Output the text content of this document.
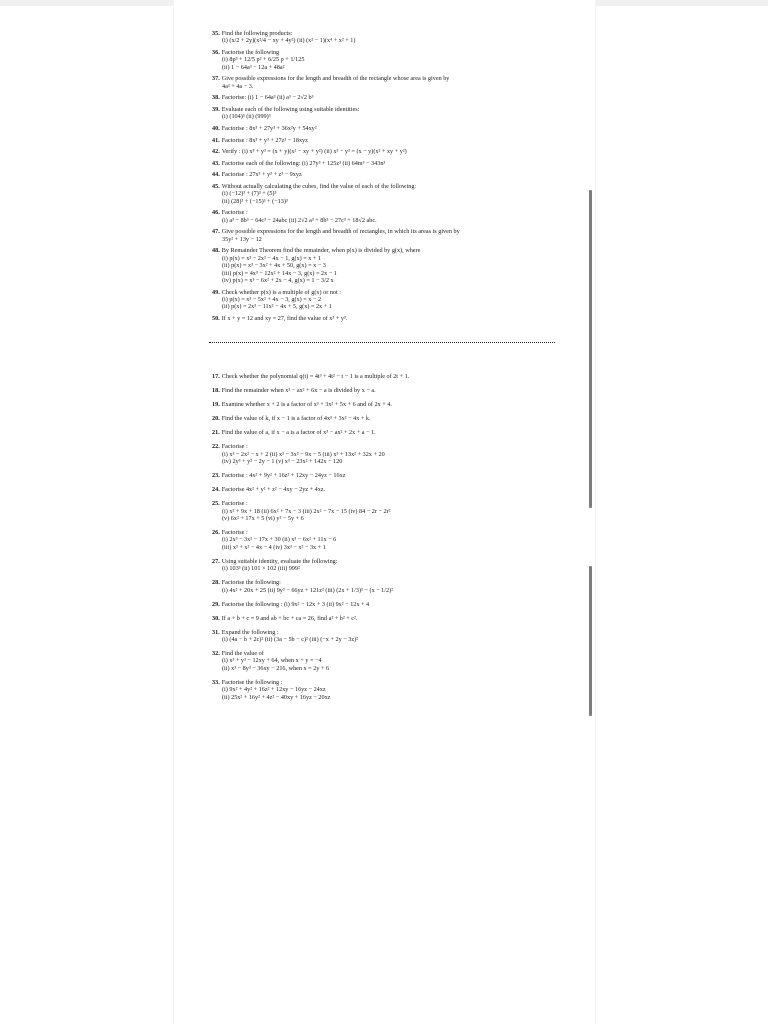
35. Find the following products:
(i) (x/2 + 2y)(x²/4 − xy + 4y²) (ii) (x² − 1)(x⁴ + x² + 1)
36. Factorise the following
(i) 8p³ + 12/5 p² + 6/25 p + 1/125
(ii) 1 − 64a³ − 12a + 48a²
37. Give possible expressions for the length and breadth of the rectangle whose area is given by
4a² + 4a − 3.
38. Factorise: (i) 1 − 64a³ (ii) a³ − 2√2 b³
39. Evaluate each of the following using suitable identities:
(i) (104)³ (ii) (999)³
40. Factorise : 8x³ + 27y³ + 36x²y + 54xy²
41. Factorise : 8x³ + y³ + 27z³ − 18xyz
42. Verify : (i) x³ + y³ = (x + y)(x² − xy + y²) (ii) x³ − y³ = (x − y)(x² + xy + y²)
43. Factorise each of the following: (i) 27y³ + 125z³ (ii) 64m³ − 343n³
44. Factorise : 27x³ + y³ + z³ − 9xyz
45. Without actually calculating the cubes, find the value of each of the following:
(i) (−12)³ + (7)³ + (5)³
(ii) (28)³ + (−15)³ + (−13)³
46. Factorise :
(i) a³ − 8b³ − 64c³ − 24abc (ii) 2√2 a³ + 8b³ − 27c³ + 18√2 abc.
47. Give possible expressions for the length and breadth of rectangles, in which its areas is given by
35y² + 13y − 12
48. By Remainder Theorem find the remainder, when p(x) is divided by g(x), where
(i) p(x) = x³ − 2x² − 4x − 1, g(x) = x + 1
(ii) p(x) = x³ − 3x² + 4x + 50, g(x) = x − 3
(iii) p(x) = 4x³ − 12x² + 14x − 3, g(x) = 2x − 1
(iv) p(x) = x³ − 6x² + 2x − 4, g(x) = 1 − 3/2 x
49. Check whether p(x) is a multiple of g(x) or not :
(i) p(x) = x³ − 5x² + 4x − 3, g(x) = x − 2
(ii) p(x) = 2x³ − 11x² − 4x + 5, g(x) = 2x + 1
50. If x + y = 12 and xy = 27, find the value of x³ + y³.
17. Check whether the polynomial q(t) = 4t³ + 4t² − t − 1 is a multiple of 2t + 1.
18. Find the remainder when x³ − ax² + 6x − a is divided by x − a.
19. Examine whether x + 2 is a factor of x³ + 3x² + 5x + 6 and of 2x + 4.
20. Find the value of k, if x − 1 is a factor of 4x³ + 3x² − 4x + k.
21. Find the value of a, if x − a is a factor of x³ − ax² + 2x + a − 1.
22. Factorise :
(i) x³ − 2x² − x + 2 (ii) x³ − 3x² − 9x − 5 (iii) x³ + 13x² + 32x + 20
(iv) 2y³ + y² − 2y − 1 (v) x³ − 23x² + 142x − 120
23. Factorise : 4x² + 9y² + 16z² + 12xy − 24yz − 16xz
24. Factorise 4x² + y² + z² − 4xy − 2yz + 4xz.
25. Factorise :
(i) x² + 9x + 18 (ii) 6x² + 7x − 3 (iii) 2x² − 7x − 15 (iv) 84 − 2r − 2r²
(v) 6x² + 17x + 5 (vi) y² − 5y + 6
26. Factorise :
(i) 2x³ − 3x² − 17x + 30 (ii) x³ − 6x² + 11x − 6
(iii) x³ + x² − 4x − 4 (iv) 3x³ − x² − 3x + 1
27. Using suitable identity, evaluate the following:
(i) 103³ (ii) 101 × 102 (iii) 999²
28. Factorise the following:
(i) 4x² + 20x + 25 (ii) 9y² − 66yz + 121z² (iii) (2x + 1/3)² − (x − 1/2)²
29. Factorise the following : (i) 9x² − 12x + 3 (ii) 9x² − 12x + 4
30. If a + b + c = 9 and ab + bc + ca = 26, find a² + b² + c².
31. Expand the following :
(i) (4a − b + 2c)² (ii) (3a − 5b − c)² (iii) (−x + 2y − 3z)²
32. Find the value of
(i) x³ + y³ − 12xy + 64, when x + y = −4
(ii) x³ − 8y³ − 36xy − 216, when x = 2y + 6
33. Factorise the following :
(i) 9x² + 4y² + 16z² + 12xy − 16yz − 24xz
(ii) 25x² + 16y² + 4z² − 40xy + 16yz − 20xz
